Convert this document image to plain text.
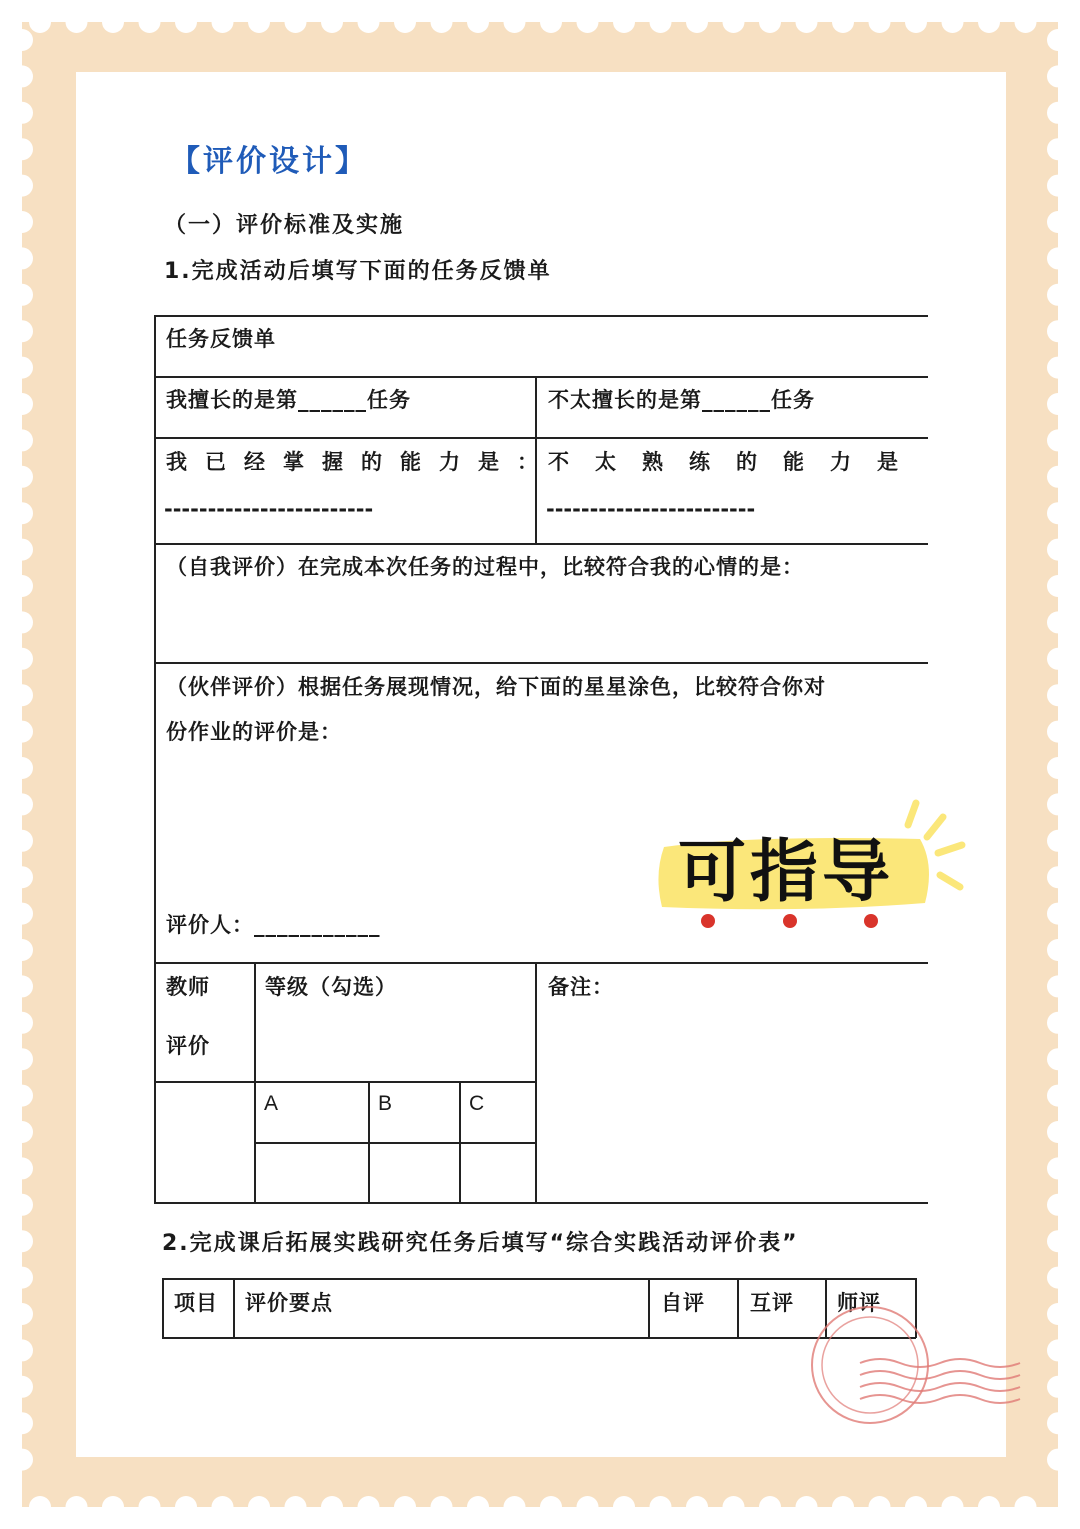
【评价设计】

（一）评价标准及实施

1.完成活动后填写下面的任务反馈单

任务反馈单
我擅长的是第______任务	不太擅长的是第______任务
我已经掌握的能力是：
------------------------
不太熟练的能力是
------------------------
（自我评价）在完成本次任务的过程中，比较符合我的心情的是：
（伙伴评价）根据任务展现情况，给下面的星星涂色，比较符合你对
份作业的评价是：
评价人：___________
教师
评价
等级（勾选）	备注：
A	B	C
可指导

2.完成课后拓展实践研究任务后填写“综合实践活动评价表”

项目 评价要点	自评 互评 师评
